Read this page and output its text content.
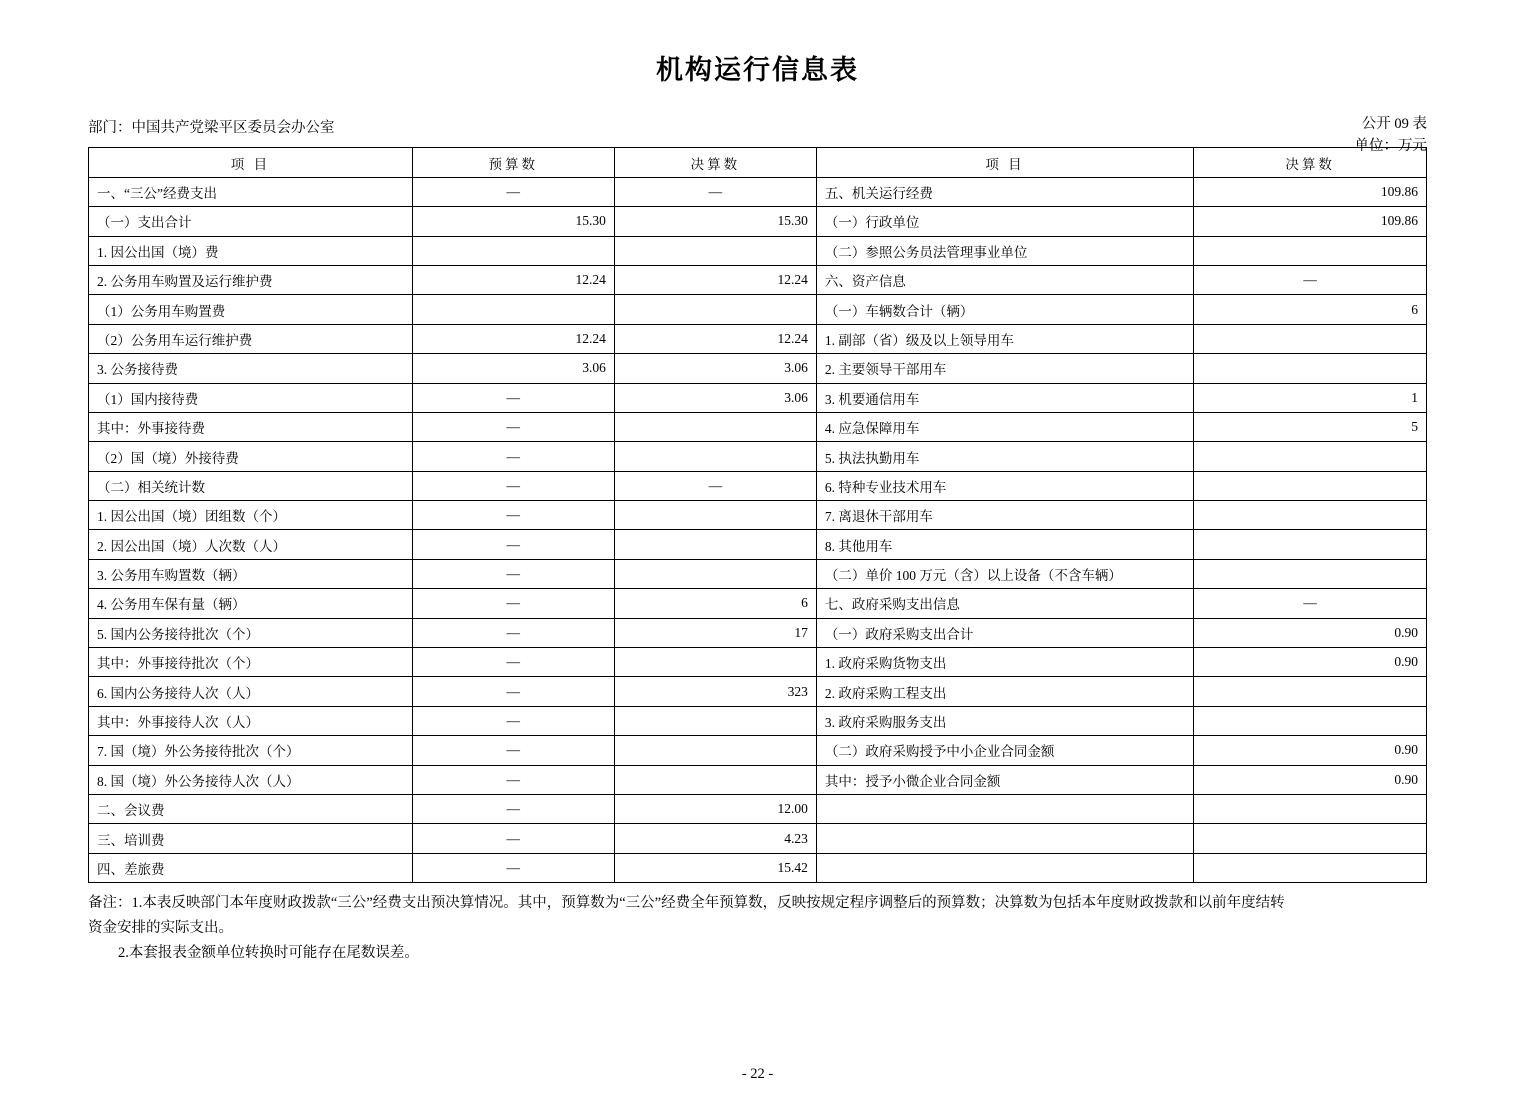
机构运行信息表
公开 09 表
单位：万元
部门：中国共产党梁平区委员会办公室
项 目	预算数	决算数	项 目	决算数
一、“三公”经费支出	—	—	五、机关运行经费	109.86
（一）支出合计	15.30	15.30	（一）行政单位	109.86
1. 因公出国（境）费			（二）参照公务员法管理事业单位	
2. 公务用车购置及运行维护费	12.24	12.24	六、资产信息	—
（1）公务用车购置费			（一）车辆数合计（辆）	6
（2）公务用车运行维护费	12.24	12.24	1. 副部（省）级及以上领导用车	
3. 公务接待费	3.06	3.06	2. 主要领导干部用车	
（1）国内接待费	—	3.06	3. 机要通信用车	1
其中：外事接待费	—		4. 应急保障用车	5
（2）国（境）外接待费	—		5. 执法执勤用车	
（二）相关统计数	—	—	6. 特种专业技术用车	
1. 因公出国（境）团组数（个）	—		7. 离退休干部用车	
2. 因公出国（境）人次数（人）	—		8. 其他用车	
3. 公务用车购置数（辆）	—		（二）单价 100 万元（含）以上设备（不含车辆）	
4. 公务用车保有量（辆）	—	6	七、政府采购支出信息	—
5. 国内公务接待批次（个）	—	17	（一）政府采购支出合计	0.90
其中：外事接待批次（个）	—		1. 政府采购货物支出	0.90
6. 国内公务接待人次（人）	—	323	2. 政府采购工程支出	
其中：外事接待人次（人）	—		3. 政府采购服务支出	
7. 国（境）外公务接待批次（个）	—		（二）政府采购授予中小企业合同金额	0.90
8. 国（境）外公务接待人次（人）	—		其中：授予小微企业合同金额	0.90
二、会议费	—	12.00		
三、培训费	—	4.23		
四、差旅费	—	15.42		

备注：1.本表反映部门本年度财政拨款“三公”经费支出预决算情况。其中，预算数为“三公”经费全年预算数，反映按规定程序调整后的预算数；决算数为包括本年度财政拨款和以前年度结转

资金安排的实际支出。

2.本套报表金额单位转换时可能存在尾数误差。

- 22 -
